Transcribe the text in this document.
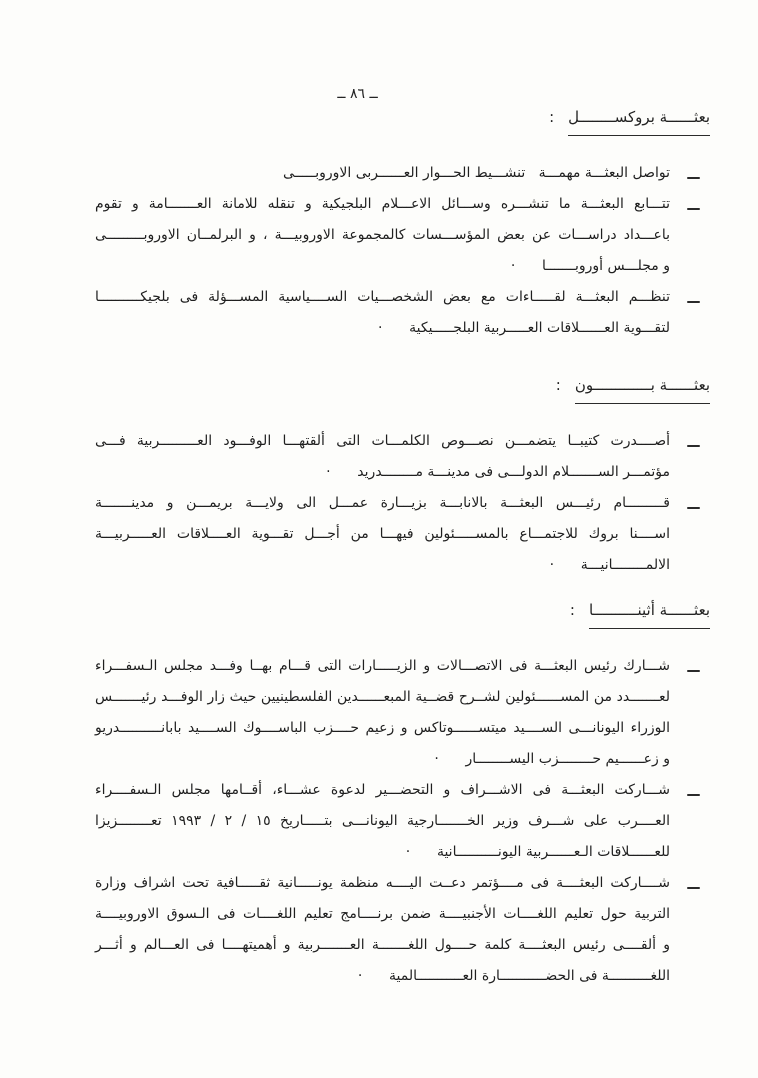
ــ ٨٦ ــ
بعثــــــة بروكســــــــل:
تواصل البعثـــة مهمـــة   تنشـــيط الحـــوار العــــــربى الاوروبـــــى
تتـــابع البعثـــة ما تنشـــره وســـائل الاعـــلام البلجيكية و تنقله للامانة العـــــــامة و تقوم
باعـــداد دراســـات عن بعض المؤســـسات كالمجموعة الاوروبيـــة ، و البرلمــان الاوروبـــــــــى
و مجلـــس أوروبـــــــا      ·
تنظـــم البعثـــة لقـــــاءات مع بعض الشخصـــيات الســــياسية المســـؤلة فى بلجيكــــــــــا
لتقـــوية العــــــلاقات العـــــربية البلجـــــيكية      ·
بعثــــــة بـــــــــــــون:
أصــــدرت كتيبــا يتضمـــن نصـــوص الكلمـــات التى ألقتهـــا الوفـــود العـــــــــربية فـــى
مؤتمـــر الســـــــلام الدولـــى فى مدينـــة مــــــــدريد      ·
قـــــــــام رئيـــس البعثـــة بالانابـــة بزيـــارة عمـــل الى ولايـــة بريمـــن و مدينـــــــة
اســــنا بروك للاجتمـــاع بالمســـــئولين فيهـــا من أجـــل تقـــوية العــــلاقات العـــــربيـــة
الالمــــــــانيـــة      ·
بعثــــــة أثينــــــــــا:
شـــارك رئيس البعثـــة فى الاتصـــالات و الزيـــــارات التى قـــام بهــا وفـــد مجلس الـسفـــراء
لعـــــــدد من المســــــئولين لشــرح قضــية المبعــــــدين الفلسطينيين حيث زار الوفـــد رئيـــــــس
الوزراء اليونانـــى الســــيد ميتســــــوتاكس و زعيم حــــزب الباســــوك الســــيد بابانــــــــــدريو
و زعــــــيم حــــــــزب اليســــــــار      ·
شـــاركت البعثـــة فى الاشـــراف و التحضـــير لدعوة عشـــاء، أقــامها مجلس الـسفــــراء
العــــرب على شـــرف وزير الخـــــــارجية اليونانـــى بتـــــاريخ ١٥ / ٢ / ١٩٩٣ تعــــــــزيزا
للعــــــلاقات الـعــــــربية اليونــــــــــانية      ·
شــــاركت البعثــــة فى مــــؤتمر دعــت اليــــه منظمة يونـــــانية ثقـــــافية تحت اشراف وزارة
التربية حول تعليم اللغــــات الأجنبيــــة ضمن برنــــامج تعليم اللغــــات فى الـسوق الاوروبيــــة
و ألقــــى رئيس البعثــــة كلمة حــــول اللغـــــــة العـــــــربية و أهميتهــــا فى العـــالم و أثـــر
اللغــــــــــة فى الحضـــــــــــارة العـــــــــــالمية      ·
